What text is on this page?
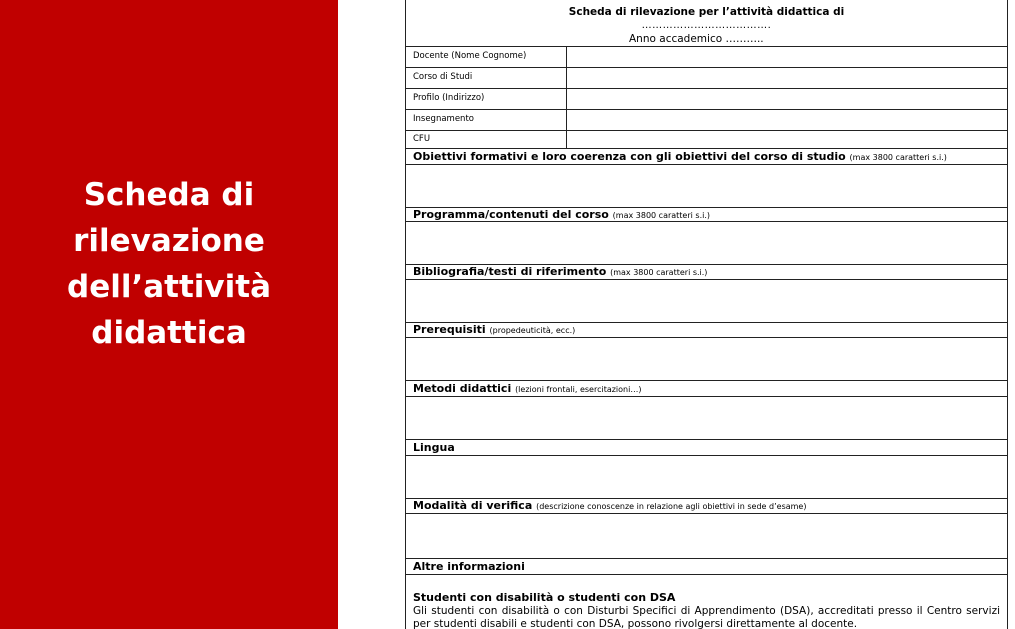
Scheda di
rilevazione
dell’attività
didattica
Scheda di rilevazione per l’attività didattica di
……………………………….
Anno accademico ………..
Docente (Nome Cognome)
Corso di Studi
Profilo (Indirizzo)
Insegnamento
CFU
Obiettivi formativi e loro coerenza con gli obiettivi del corso di studio (max 3800 caratteri s.i.)
Programma/contenuti del corso (max 3800 caratteri s.i.)
Bibliografia/testi di riferimento (max 3800 caratteri s.i.)
Prerequisiti (propedeuticità, ecc.)
Metodi didattici (lezioni frontali, esercitazioni…)
Lingua
Modalità di verifica (descrizione conoscenze in relazione agli obiettivi in sede d’esame)
Altre informazioni
Studenti con disabilità o studenti con DSA
Gli studenti con disabilità o con Disturbi Specifici di Apprendimento (DSA), accreditati presso il Centro servizi per studenti disabili e studenti con DSA, possono rivolgersi direttamente al docente.
